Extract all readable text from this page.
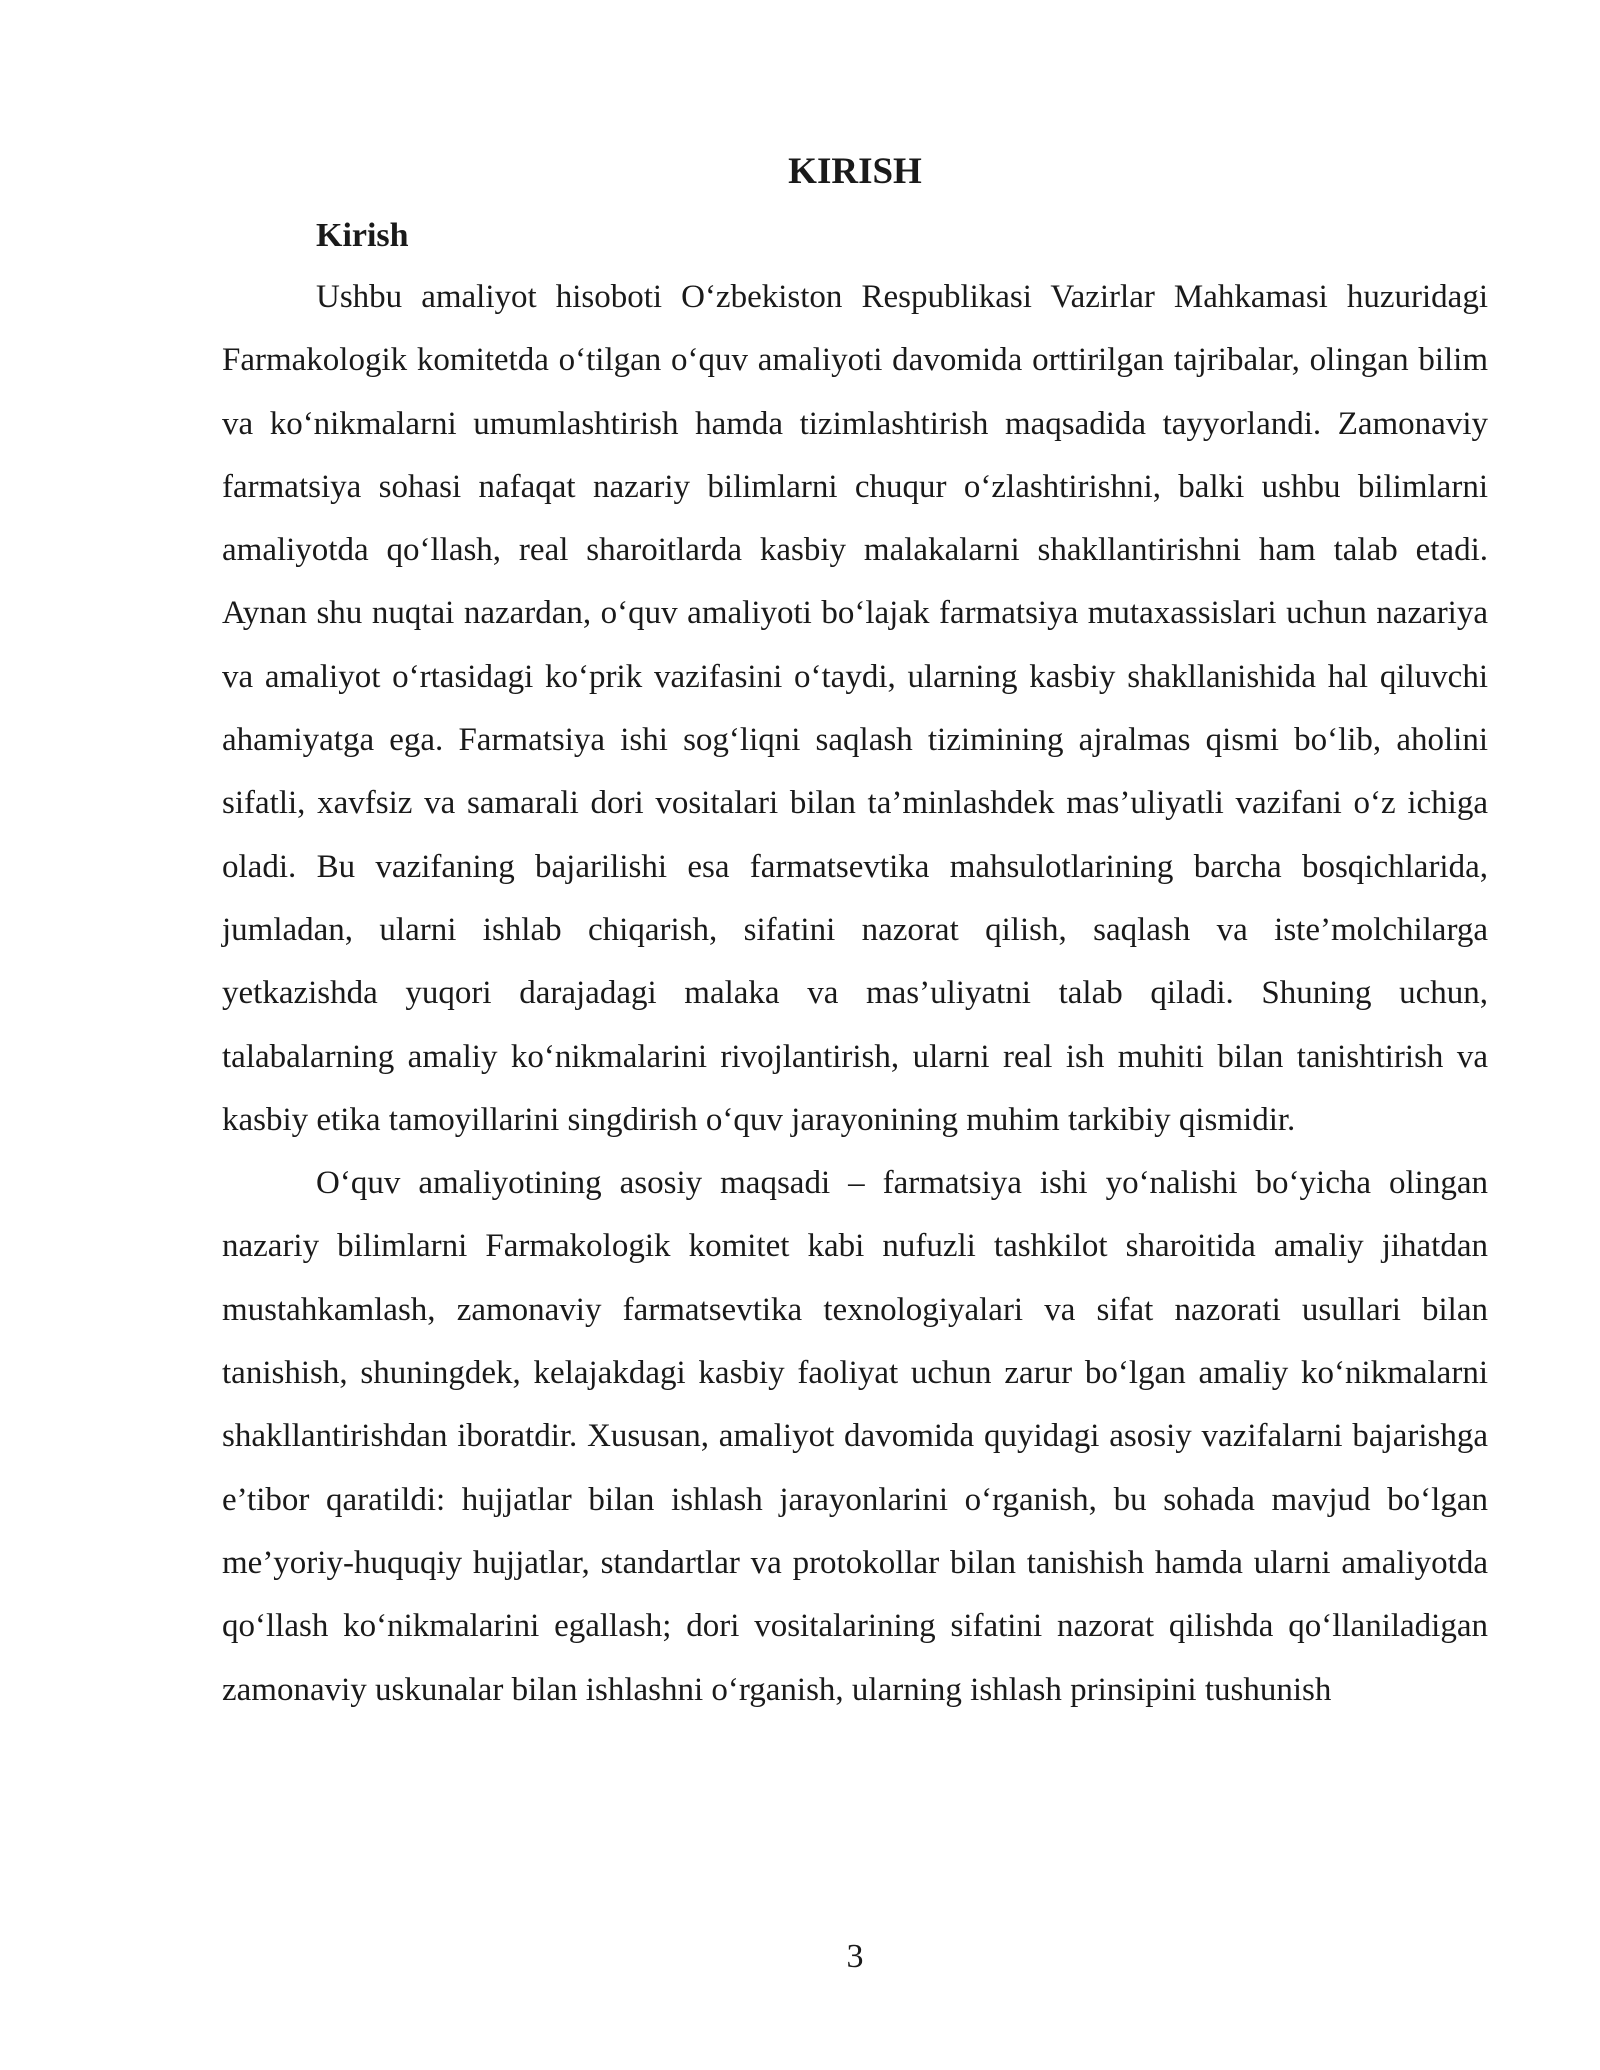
KIRISH
Kirish

Ushbu amaliyot hisoboti O‘zbekiston Respublikasi Vazirlar Mahkamasi huzuridagi Farmakologik komitetda o‘tilgan o‘quv amaliyoti davomida orttirilgan tajribalar, olingan bilim va ko‘nikmalarni umumlashtirish hamda tizimlashtirish maqsadida tayyorlandi. Zamonaviy farmatsiya sohasi nafaqat nazariy bilimlarni chuqur o‘zlashtirishni, balki ushbu bilimlarni amaliyotda qo‘llash, real sharoitlarda kasbiy malakalarni shakllantirishni ham talab etadi. Aynan shu nuqtai nazardan, o‘quv amaliyoti bo‘lajak farmatsiya mutaxassislari uchun nazariya va amaliyot o‘rtasidagi ko‘prik vazifasini o‘taydi, ularning kasbiy shakllanishida hal qiluvchi ahamiyatga ega. Farmatsiya ishi sog‘liqni saqlash tizimining ajralmas qismi bo‘lib, aholini sifatli, xavfsiz va samarali dori vositalari bilan ta’minlashdek mas’uliyatli vazifani o‘z ichiga oladi. Bu vazifaning bajarilishi esa farmatsevtika mahsulotlarining barcha bosqichlarida, jumladan, ularni ishlab chiqarish, sifatini nazorat qilish, saqlash va iste’molchilarga yetkazishda yuqori darajadagi malaka va mas’uliyatni talab qiladi. Shuning uchun, talabalarning amaliy ko‘nikmalarini rivojlantirish, ularni real ish muhiti bilan tanishtirish va kasbiy etika tamoyillarini singdirish o‘quv jarayonining muhim tarkibiy qismidir.

O‘quv amaliyotining asosiy maqsadi – farmatsiya ishi yo‘nalishi bo‘yicha olingan nazariy bilimlarni Farmakologik komitet kabi nufuzli tashkilot sharoitida amaliy jihatdan mustahkamlash, zamonaviy farmatsevtika texnologiyalari va sifat nazorati usullari bilan tanishish, shuningdek, kelajakdagi kasbiy faoliyat uchun zarur bo‘lgan amaliy ko‘nikmalarni shakllantirishdan iboratdir. Xususan, amaliyot davomida quyidagi asosiy vazifalarni bajarishga e’tibor qaratildi: hujjatlar bilan ishlash jarayonlarini o‘rganish, bu sohada mavjud bo‘lgan me’yoriy-huquqiy hujjatlar, standartlar va protokollar bilan tanishish hamda ularni amaliyotda qo‘llash ko‘nikmalarini egallash; dori vositalarining sifatini nazorat qilishda qo‘llaniladigan zamonaviy uskunalar bilan ishlashni o‘rganish, ularning ishlash prinsipini tushunish

3
